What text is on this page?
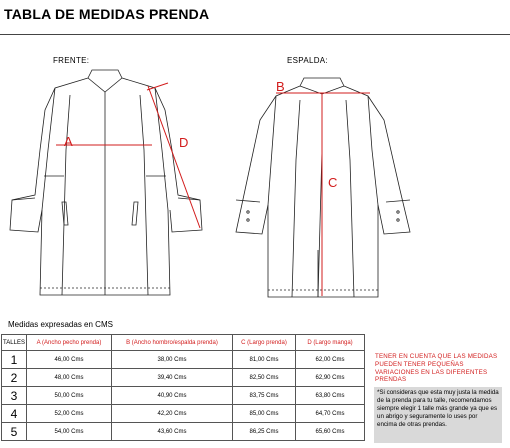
TABLA DE MEDIDAS PRENDA
FRENTE:	ESPALDA:
A	D
B
C
Medidas expresadas en CMS
TALLES	A (Ancho pecho prenda)	B (Ancho hombro/espalda prenda)	C (Largo prenda)	D (Largo manga)
1	46,00 Cms	38,00 Cms	81,00 Cms	62,00 Cms
2	48,00 Cms	39,40 Cms	82,50 Cms	62,90 Cms
3	50,00 Cms	40,90 Cms	83,75 Cms	63,80 Cms
4	52,00 Cms	42,20 Cms	85,00 Cms	64,70 Cms
5	54,00 Cms	43,60 Cms	86,25 Cms	65,60 Cms
TENER EN CUENTA QUE LAS MEDIDAS PUEDEN TENER PEQUEÑAS VARIACIONES EN LAS DIFERENTES PRENDAS
*Si consideras que esta muy justa la medida de la prenda para tu talle, recomendamos siempre elegir 1 talle más grande ya que es un abrigo y seguramente lo uses por encima de otras prendas.
